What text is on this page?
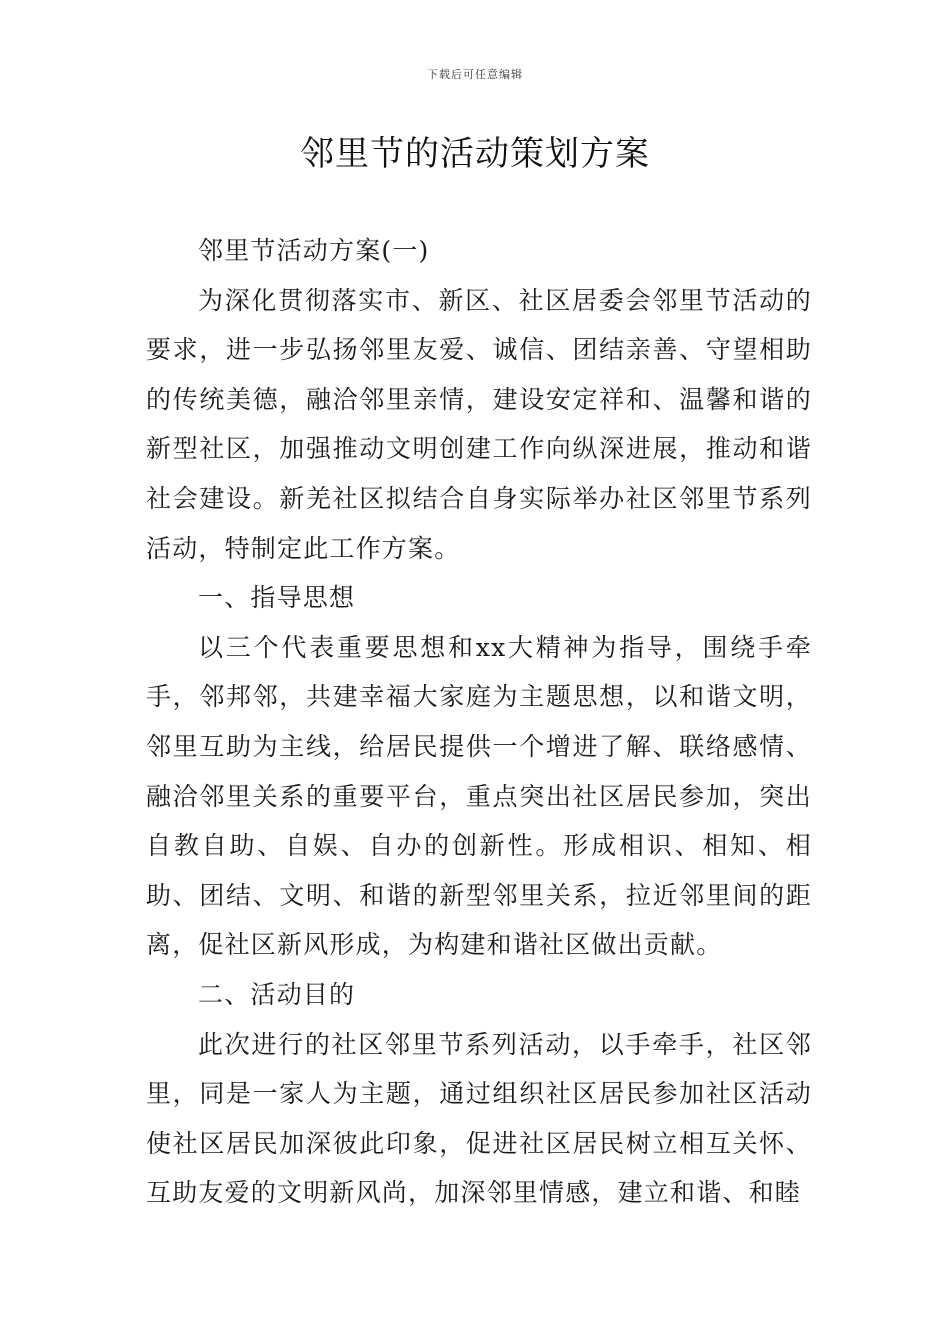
下载后可任意编辑
邻里节的活动策划方案

邻里节活动方案(一)

为深化贯彻落实市、新区、社区居委会邻里节活动的要求，进一步弘扬邻里友爱、诚信、团结亲善、守望相助的传统美德，融洽邻里亲情，建设安定祥和、温馨和谐的新型社区，加强推动文明创建工作向纵深进展，推动和谐社会建设。新羌社区拟结合自身实际举办社区邻里节系列活动，特制定此工作方案。

一、指导思想

以三个代表重要思想和xx大精神为指导，围绕手牵手，邻邦邻，共建幸福大家庭为主题思想，以和谐文明，邻里互助为主线，给居民提供一个增进了解、联络感情、融洽邻里关系的重要平台，重点突出社区居民参加，突出自教自助、自娱、自办的创新性。形成相识、相知、相助、团结、文明、和谐的新型邻里关系，拉近邻里间的距离，促社区新风形成，为构建和谐社区做出贡献。

二、活动目的

此次进行的社区邻里节系列活动，以手牵手，社区邻里，同是一家人为主题，通过组织社区居民参加社区活动使社区居民加深彼此印象，促进社区居民树立相互关怀、互助友爱的文明新风尚，加深邻里情感，建立和谐、和睦
